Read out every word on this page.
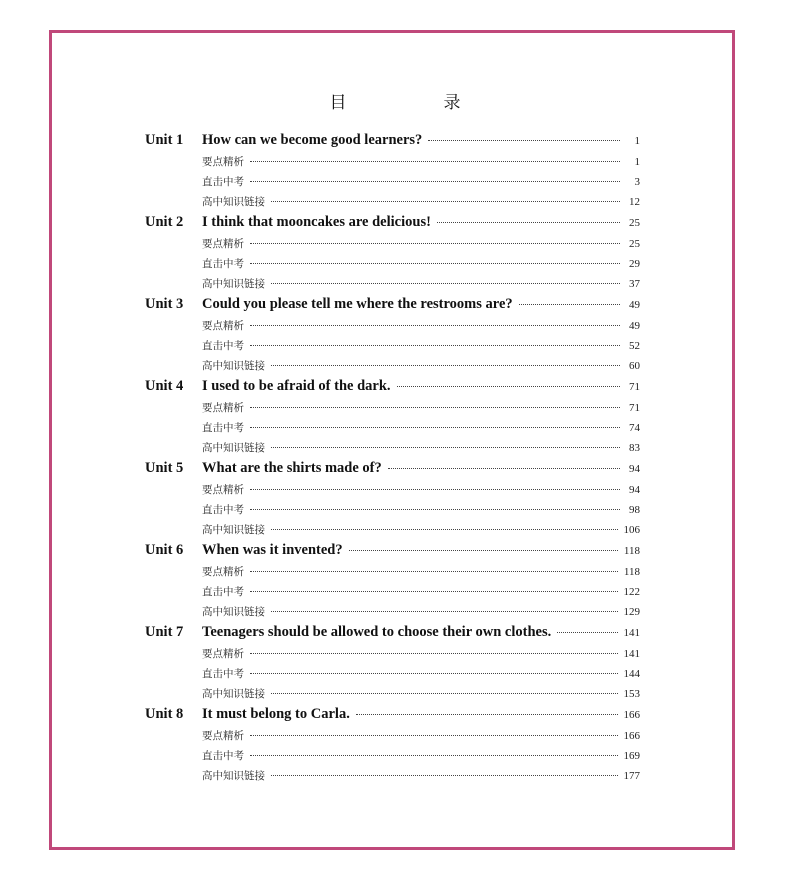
目　录
Unit 1	How can we become good learners?	1
要点精析	1
直击中考	3
高中知识链接	12
Unit 2	I think that mooncakes are delicious!	25
要点精析	25
直击中考	29
高中知识链接	37
Unit 3	Could you please tell me where the restrooms are?	49
要点精析	49
直击中考	52
高中知识链接	60
Unit 4	I used to be afraid of the dark.	71
要点精析	71
直击中考	74
高中知识链接	83
Unit 5	What are the shirts made of?	94
要点精析	94
直击中考	98
高中知识链接	106
Unit 6	When was it invented?	118
要点精析	118
直击中考	122
高中知识链接	129
Unit 7	Teenagers should be allowed to choose their own clothes.	141
要点精析	141
直击中考	144
高中知识链接	153
Unit 8	It must belong to Carla.	166
要点精析	166
直击中考	169
高中知识链接	177
